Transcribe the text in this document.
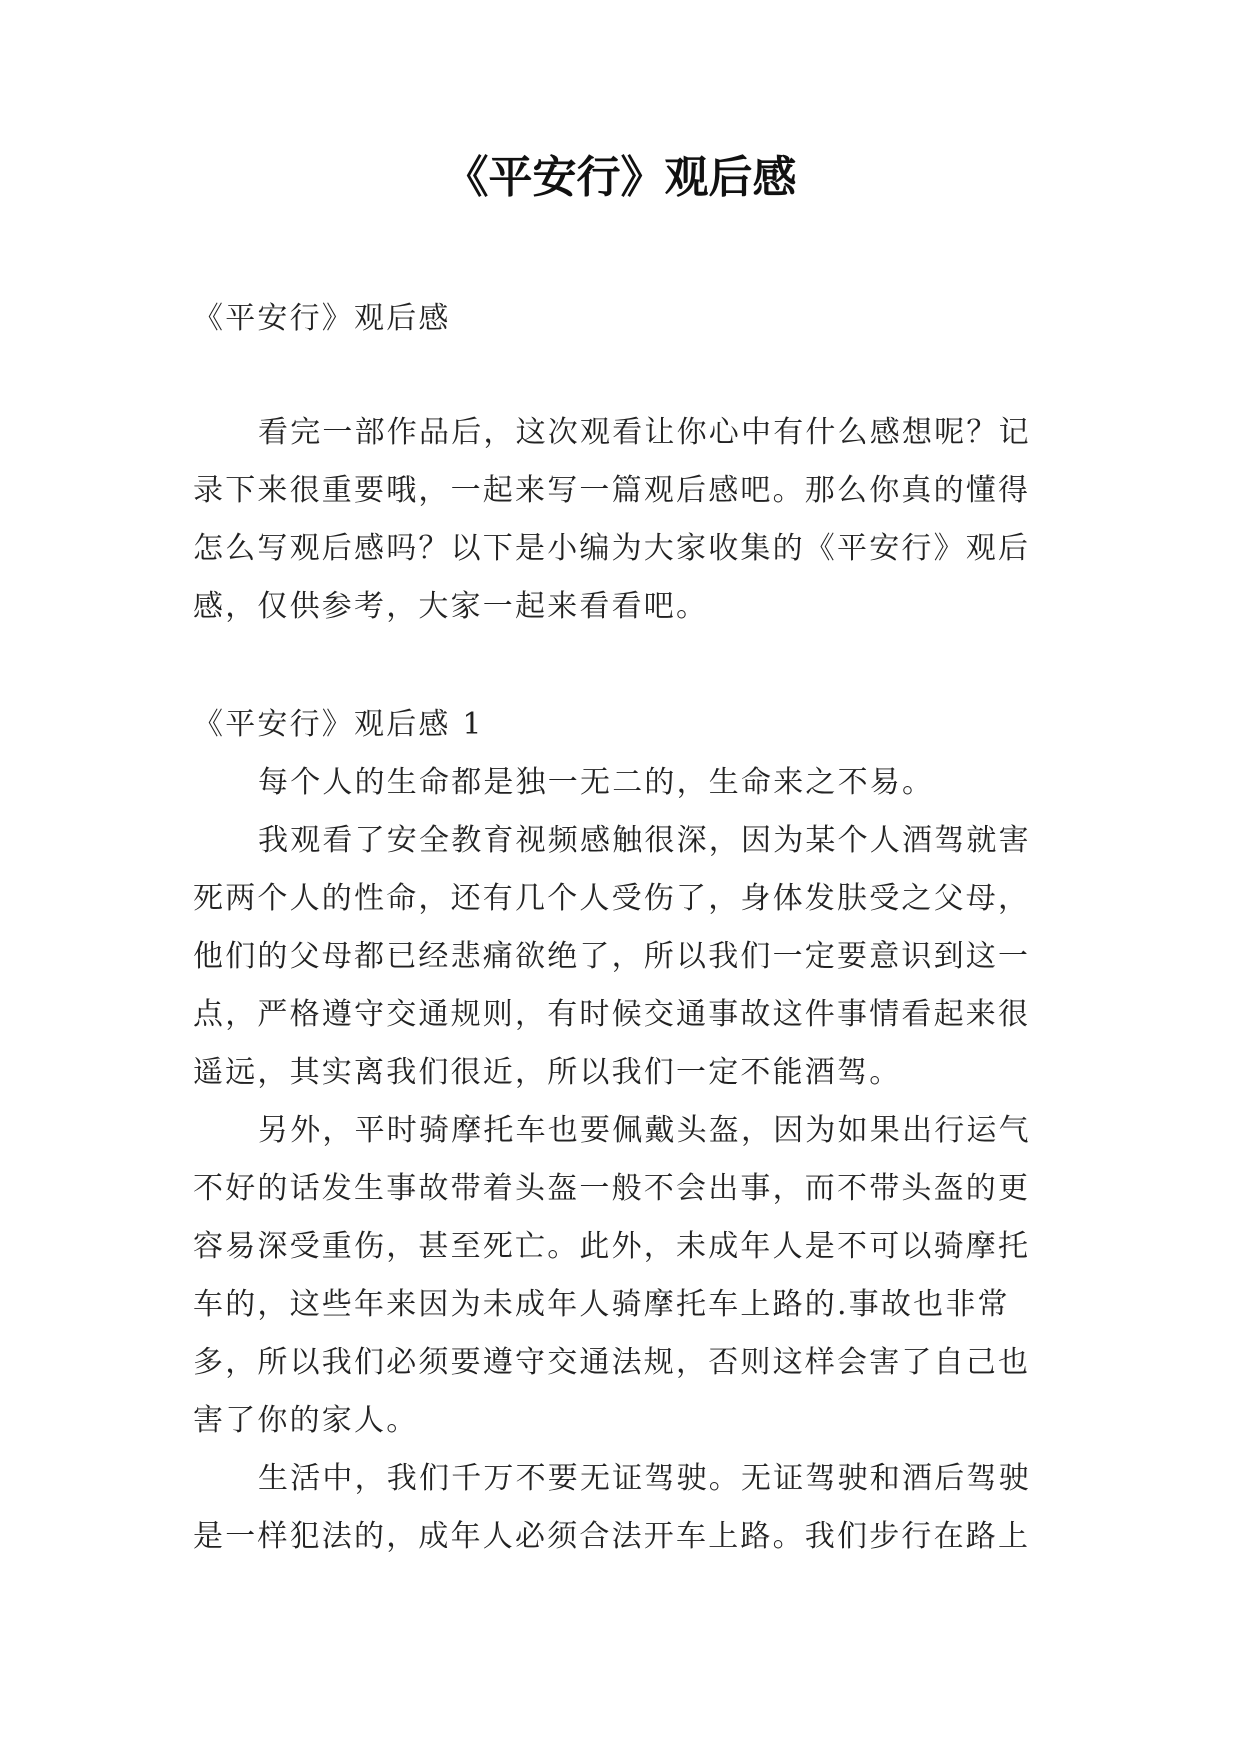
《平安行》观后感

《平安行》观后感

看完一部作品后，这次观看让你心中有什么感想呢？记录下来很重要哦，一起来写一篇观后感吧。那么你真的懂得怎么写观后感吗？以下是小编为大家收集的《平安行》观后感，仅供参考，大家一起来看看吧。

《平安行》观后感 1

每个人的生命都是独一无二的，生命来之不易。

我观看了安全教育视频感触很深，因为某个人酒驾就害死两个人的性命，还有几个人受伤了，身体发肤受之父母，他们的父母都已经悲痛欲绝了，所以我们一定要意识到这一点，严格遵守交通规则，有时候交通事故这件事情看起来很遥远，其实离我们很近，所以我们一定不能酒驾。

另外，平时骑摩托车也要佩戴头盔，因为如果出行运气不好的话发生事故带着头盔一般不会出事，而不带头盔的更容易深受重伤，甚至死亡。此外，未成年人是不可以骑摩托车的，这些年来因为未成年人骑摩托车上路的.事故也非常多，所以我们必须要遵守交通法规，否则这样会害了自己也害了你的家人。

生活中，我们千万不要无证驾驶。无证驾驶和酒后驾驶是一样犯法的，成年人必须合法开车上路。我们步行在路上
